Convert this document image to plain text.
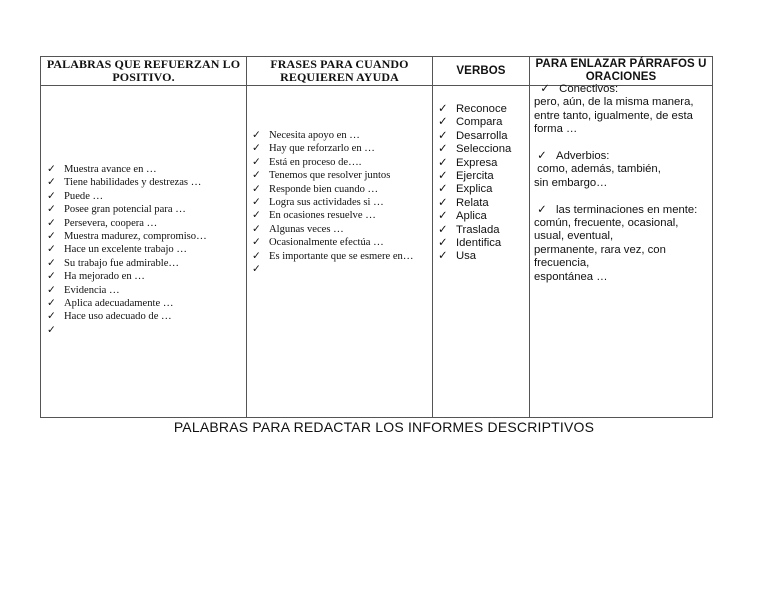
PALABRAS QUE REFUERZAN LO POSITIVO.
✓ Muestra avance en …
✓ Tiene habilidades y destrezas …
✓ Puede …
✓ Posee gran potencial para …
✓ Persevera, coopera …
✓ Muestra madurez, compromiso…
✓ Hace un excelente trabajo …
✓ Su trabajo fue admirable…
✓ Ha mejorado en …
✓ Evidencia …
✓ Aplica adecuadamente …
✓ Hace uso adecuado de …
✓
FRASES PARA CUANDO REQUIEREN AYUDA
✓ Necesita apoyo en …
✓ Hay que reforzarlo en …
✓ Está en proceso de….
✓ Tenemos que resolver juntos
✓ Responde bien cuando …
✓ Logra sus actividades si …
✓ En ocasiones resuelve …
✓ Algunas veces …
✓ Ocasionalmente efectúa …
✓ Es importante que se esmere en…
✓
VERBOS
✓ Reconoce
✓ Compara
✓ Desarrolla
✓ Selecciona
✓ Expresa
✓ Ejercita
✓ Explica
✓ Relata
✓ Aplica
✓ Traslada
✓ Identifica
✓ Usa
PARA ENLAZAR PÁRRAFOS U ORACIONES
✓ Conectivos:
pero, aún, de la misma manera,
entre tanto, igualmente, de esta
forma …
✓ Adverbios:
como, además, también,
sin embargo…
✓ las terminaciones en mente:
común, frecuente, ocasional,
usual, eventual,
permanente, rara vez, con
frecuencia,
espontánea …
PALABRAS PARA REDACTAR LOS INFORMES DESCRIPTIVOS
